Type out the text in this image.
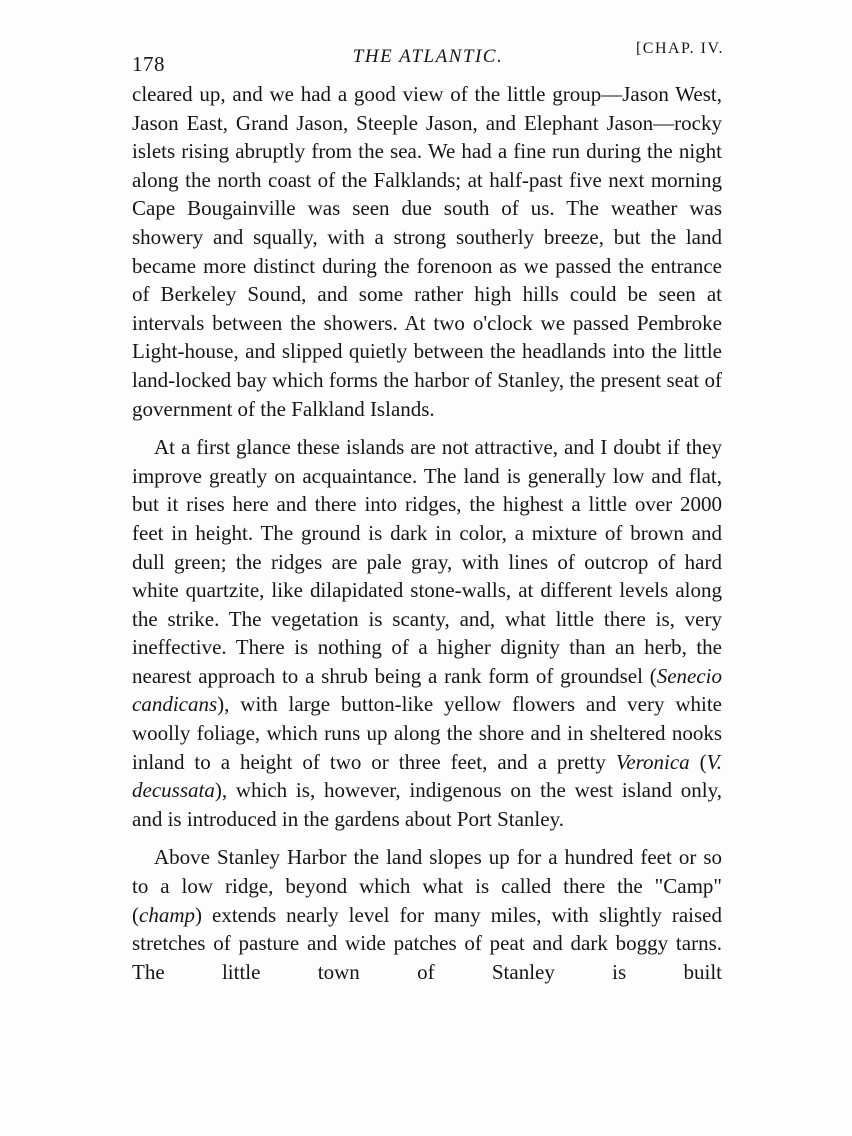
178	THE ATLANTIC.	[CHAP. IV.

cleared up, and we had a good view of the little group—Jason West, Jason East, Grand Jason, Steeple Jason, and Elephant Jason—rocky islets rising abruptly from the sea. We had a fine run during the night along the north coast of the Falklands; at half-past five next morning Cape Bougainville was seen due south of us. The weather was showery and squally, with a strong southerly breeze, but the land became more distinct during the forenoon as we passed the entrance of Berkeley Sound, and some rather high hills could be seen at intervals between the showers. At two o'clock we passed Pembroke Light-house, and slipped quietly between the headlands into the little land-locked bay which forms the harbor of Stanley, the present seat of government of the Falkland Islands.

At a first glance these islands are not attractive, and I doubt if they improve greatly on acquaintance. The land is generally low and flat, but it rises here and there into ridges, the highest a little over 2000 feet in height. The ground is dark in color, a mixture of brown and dull green; the ridges are pale gray, with lines of outcrop of hard white quartzite, like dilapidated stone-walls, at different levels along the strike. The vegetation is scanty, and, what little there is, very ineffective. There is nothing of a higher dignity than an herb, the nearest approach to a shrub being a rank form of groundsel (Senecio candicans), with large button-like yellow flowers and very white woolly foliage, which runs up along the shore and in sheltered nooks inland to a height of two or three feet, and a pretty Veronica (V. decussata), which is, however, indigenous on the west island only, and is introduced in the gardens about Port Stanley.

Above Stanley Harbor the land slopes up for a hundred feet or so to a low ridge, beyond which what is called there the "Camp" (champ) extends nearly level for many miles, with slightly raised stretches of pasture and wide patches of peat and dark boggy tarns. The little town of Stanley is built
